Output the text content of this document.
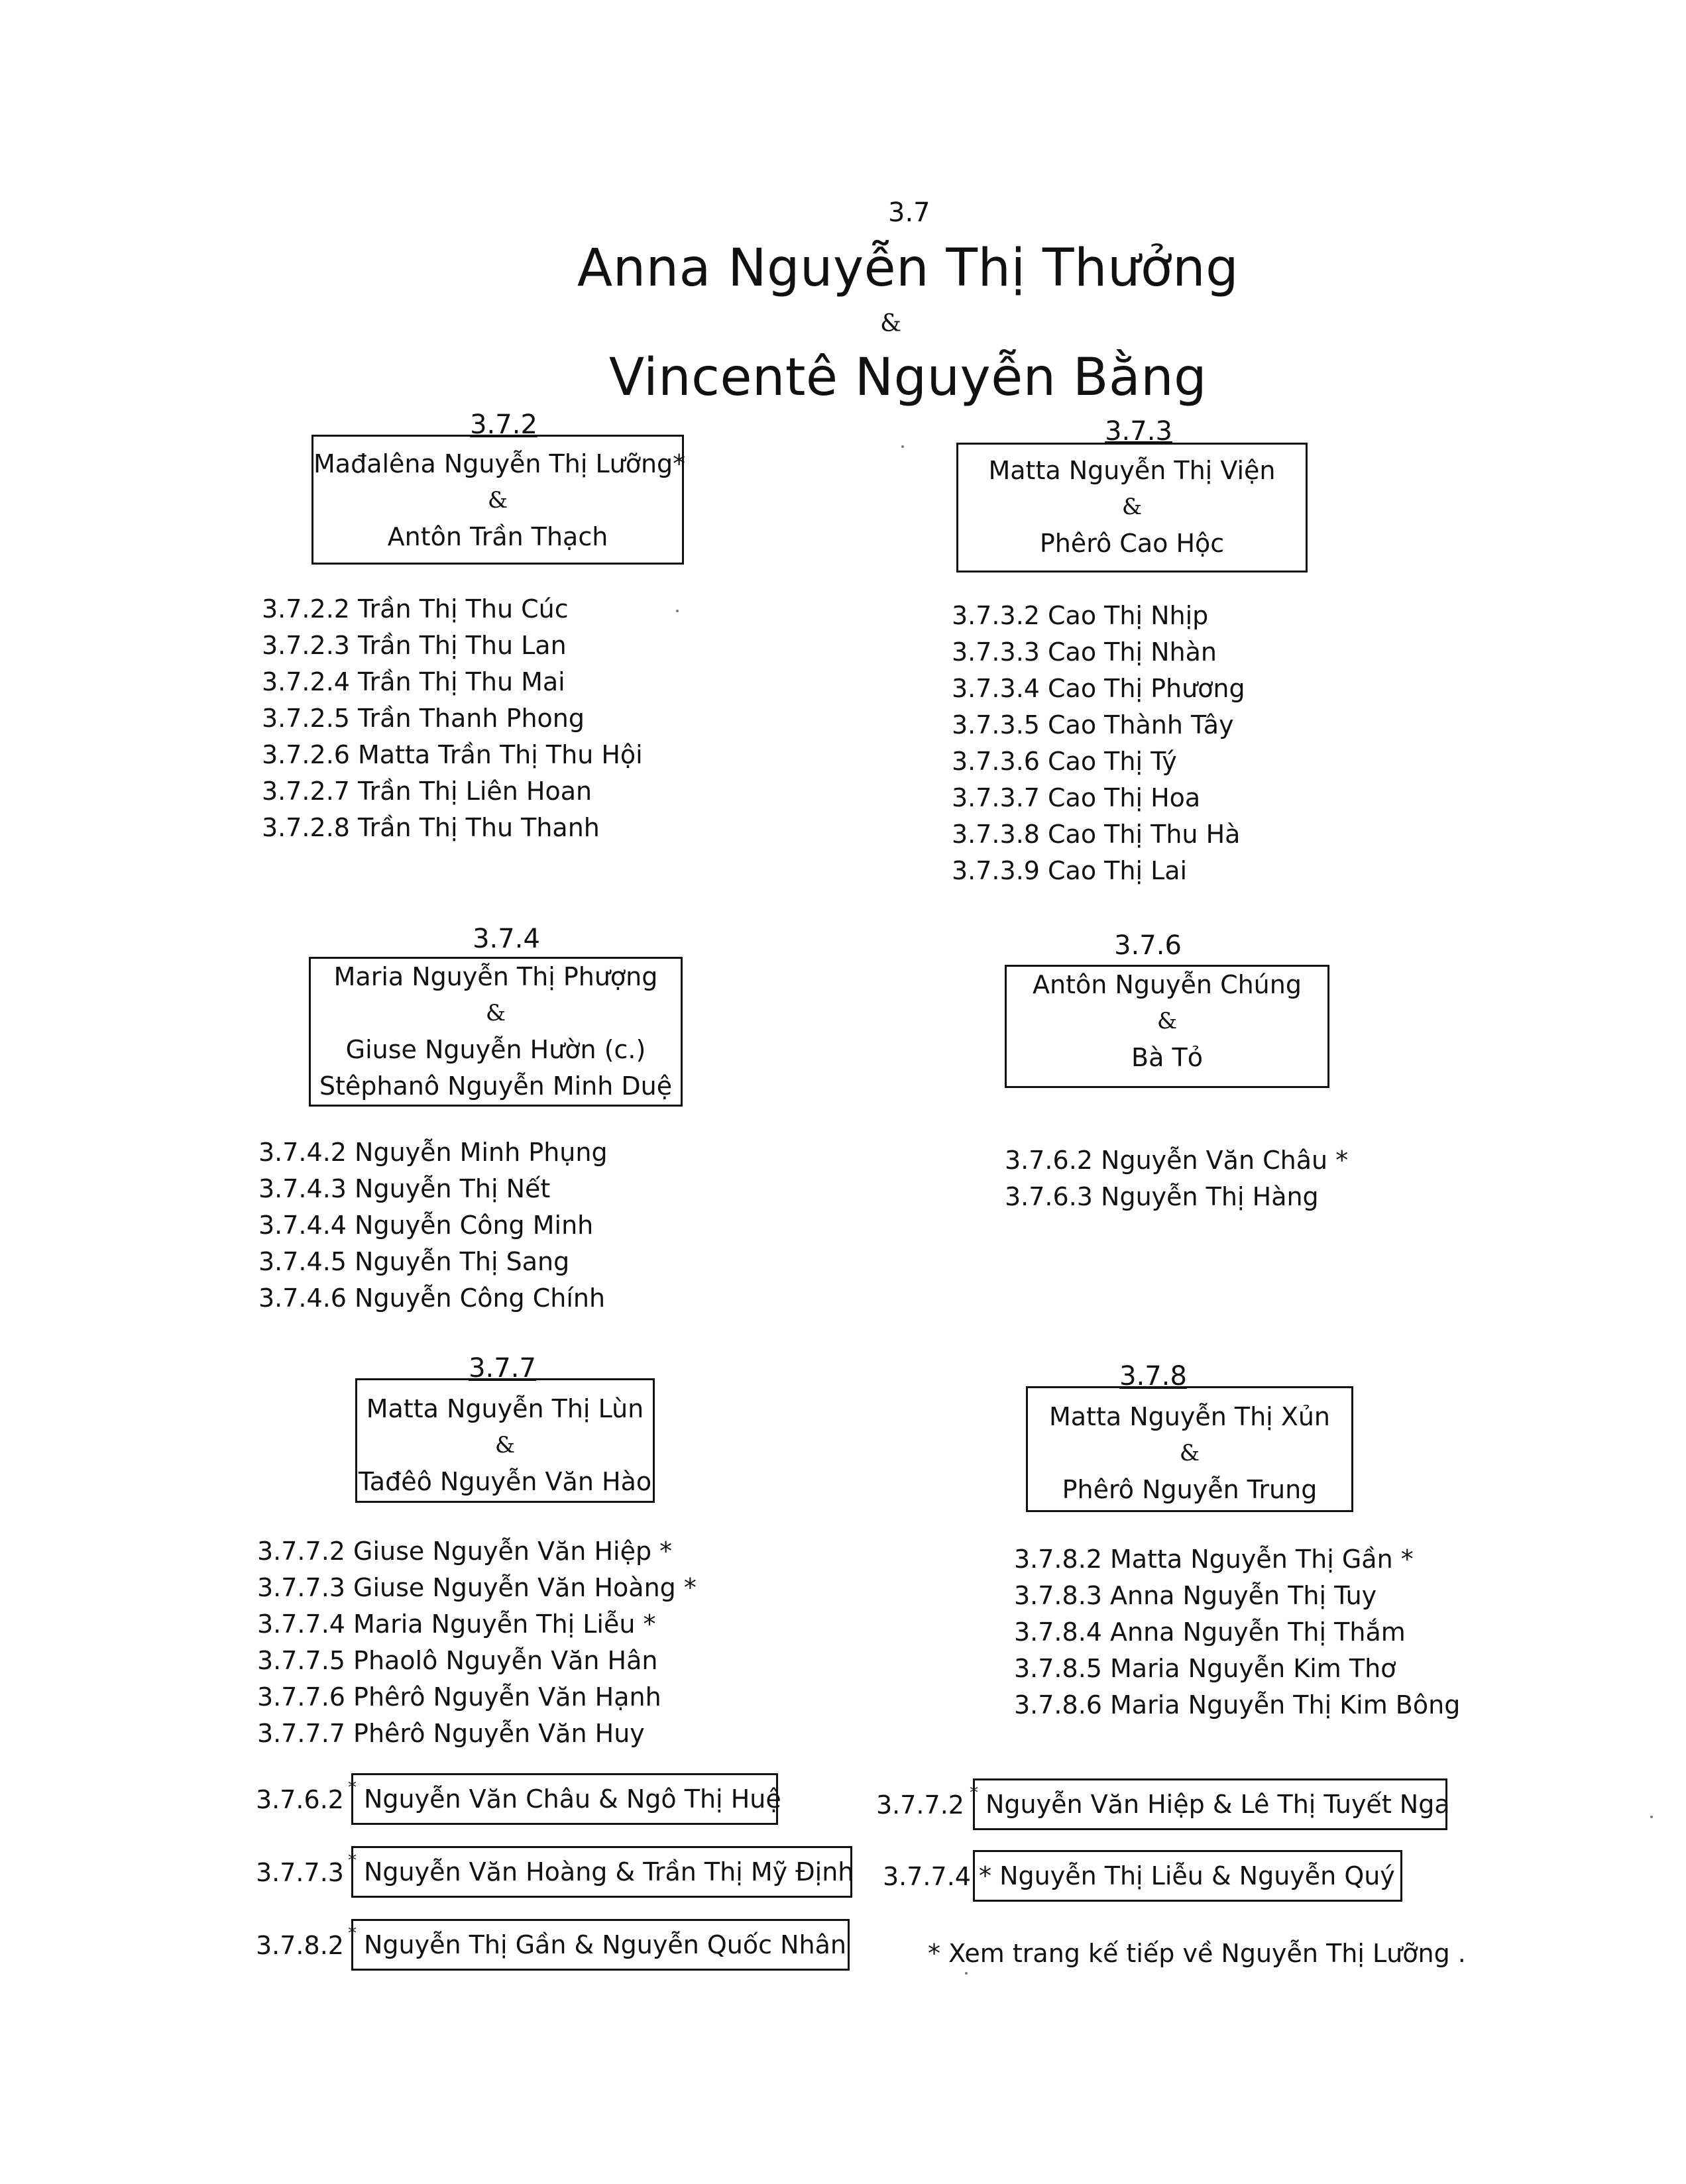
3.7
Anna Nguyễn Thị Thưởng
&
Vincentê Nguyễn Bằng
3.7.2
Mađalêna Nguyễn Thị Lưỡng*
&
Antôn Trần Thạch
3.7.2.2 Trần Thị Thu Cúc
3.7.2.3 Trần Thị Thu Lan
3.7.2.4 Trần Thị Thu Mai
3.7.2.5 Trần Thanh Phong
3.7.2.6 Matta Trần Thị Thu Hội
3.7.2.7 Trần Thị Liên Hoan
3.7.2.8 Trần Thị Thu Thanh
3.7.3
Matta Nguyễn Thị Viện
&
Phêrô Cao Hộc
3.7.3.2 Cao Thị Nhịp
3.7.3.3 Cao Thị Nhàn
3.7.3.4 Cao Thị Phương
3.7.3.5 Cao Thành Tây
3.7.3.6 Cao Thị Tý
3.7.3.7 Cao Thị Hoa
3.7.3.8 Cao Thị Thu Hà
3.7.3.9 Cao Thị Lai
3.7.4
Maria Nguyễn Thị Phượng
&
Giuse Nguyễn Hườn (c.)
Stêphanô Nguyễn Minh Duệ
3.7.4.2 Nguyễn Minh Phụng
3.7.4.3 Nguyễn Thị Nết
3.7.4.4 Nguyễn Công Minh
3.7.4.5 Nguyễn Thị Sang
3.7.4.6 Nguyễn Công Chính
3.7.6
Antôn Nguyễn Chúng
&
Bà Tỏ
3.7.6.2 Nguyễn Văn Châu *
3.7.6.3 Nguyễn Thị Hàng
3.7.7
Matta Nguyễn Thị Lùn
&
Tađêô Nguyễn Văn Hào
3.7.7.2 Giuse Nguyễn Văn Hiệp *
3.7.7.3 Giuse Nguyễn Văn Hoàng *
3.7.7.4 Maria Nguyễn Thị Liễu *
3.7.7.5 Phaolô Nguyễn Văn Hân
3.7.7.6 Phêrô Nguyễn Văn Hạnh
3.7.7.7 Phêrô Nguyễn Văn Huy
3.7.8
Matta Nguyễn Thị Xủn
&
Phêrô Nguyễn Trung
3.7.8.2 Matta Nguyễn Thị Gần *
3.7.8.3 Anna Nguyễn Thị Tuy
3.7.8.4 Anna Nguyễn Thị Thắm
3.7.8.5 Maria Nguyễn Kim Thơ
3.7.8.6 Maria Nguyễn Thị Kim Bông
3.7.6.2 * Nguyễn Văn Châu & Ngô Thị Huệ	3.7.7.2 * Nguyễn Văn Hiệp & Lê Thị Tuyết Nga
3.7.7.3 * Nguyễn Văn Hoàng & Trần Thị Mỹ Định 3.7.7.4 * Nguyễn Thị Liễu & Nguyễn Quý
3.7.8.2 * Nguyễn Thị Gần & Nguyễn Quốc Nhân	* Xem trang kế tiếp về Nguyễn Thị Lưỡng .
